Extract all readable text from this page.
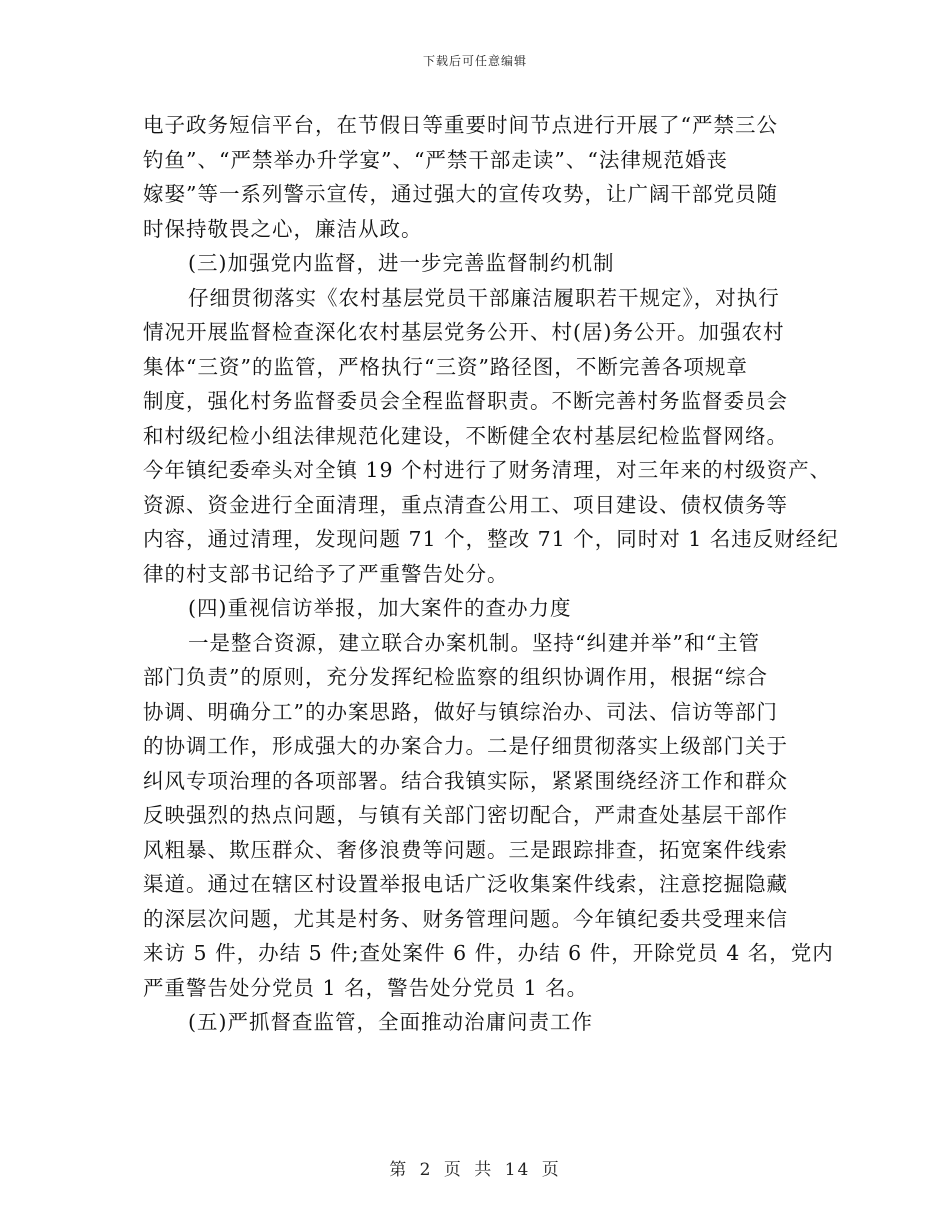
下载后可任意编辑
电子政务短信平台，在节假日等重要时间节点进行开展了“严禁三公
钓鱼”、“严禁举办升学宴”、“严禁干部走读”、“法律规范婚丧
嫁娶”等一系列警示宣传，通过强大的宣传攻势，让广阔干部党员随
时保持敬畏之心，廉洁从政。
(三)加强党内监督，进一步完善监督制约机制
仔细贯彻落实《农村基层党员干部廉洁履职若干规定》，对执行
情况开展监督检查深化农村基层党务公开、村(居)务公开。加强农村
集体“三资”的监管，严格执行“三资”路径图，不断完善各项规章
制度，强化村务监督委员会全程监督职责。不断完善村务监督委员会
和村级纪检小组法律规范化建设，不断健全农村基层纪检监督网络。
今年镇纪委牵头对全镇 19 个村进行了财务清理，对三年来的村级资产、
资源、资金进行全面清理，重点清查公用工、项目建设、债权债务等
内容，通过清理，发现问题 71 个，整改 71 个，同时对 1 名违反财经纪
律的村支部书记给予了严重警告处分。
(四)重视信访举报，加大案件的查办力度
一是整合资源，建立联合办案机制。坚持“纠建并举”和“主管
部门负责”的原则，充分发挥纪检监察的组织协调作用，根据“综合
协调、明确分工”的办案思路，做好与镇综治办、司法、信访等部门
的协调工作，形成强大的办案合力。二是仔细贯彻落实上级部门关于
纠风专项治理的各项部署。结合我镇实际，紧紧围绕经济工作和群众
反映强烈的热点问题，与镇有关部门密切配合，严肃查处基层干部作
风粗暴、欺压群众、奢侈浪费等问题。三是跟踪排查，拓宽案件线索
渠道。通过在辖区村设置举报电话广泛收集案件线索，注意挖掘隐藏
的深层次问题，尤其是村务、财务管理问题。今年镇纪委共受理来信
来访 5 件，办结 5 件;查处案件 6 件，办结 6 件，开除党员 4 名，党内
严重警告处分党员 1 名，警告处分党员 1 名。
(五)严抓督查监管，全面推动治庸问责工作
第 2 页 共 14 页
